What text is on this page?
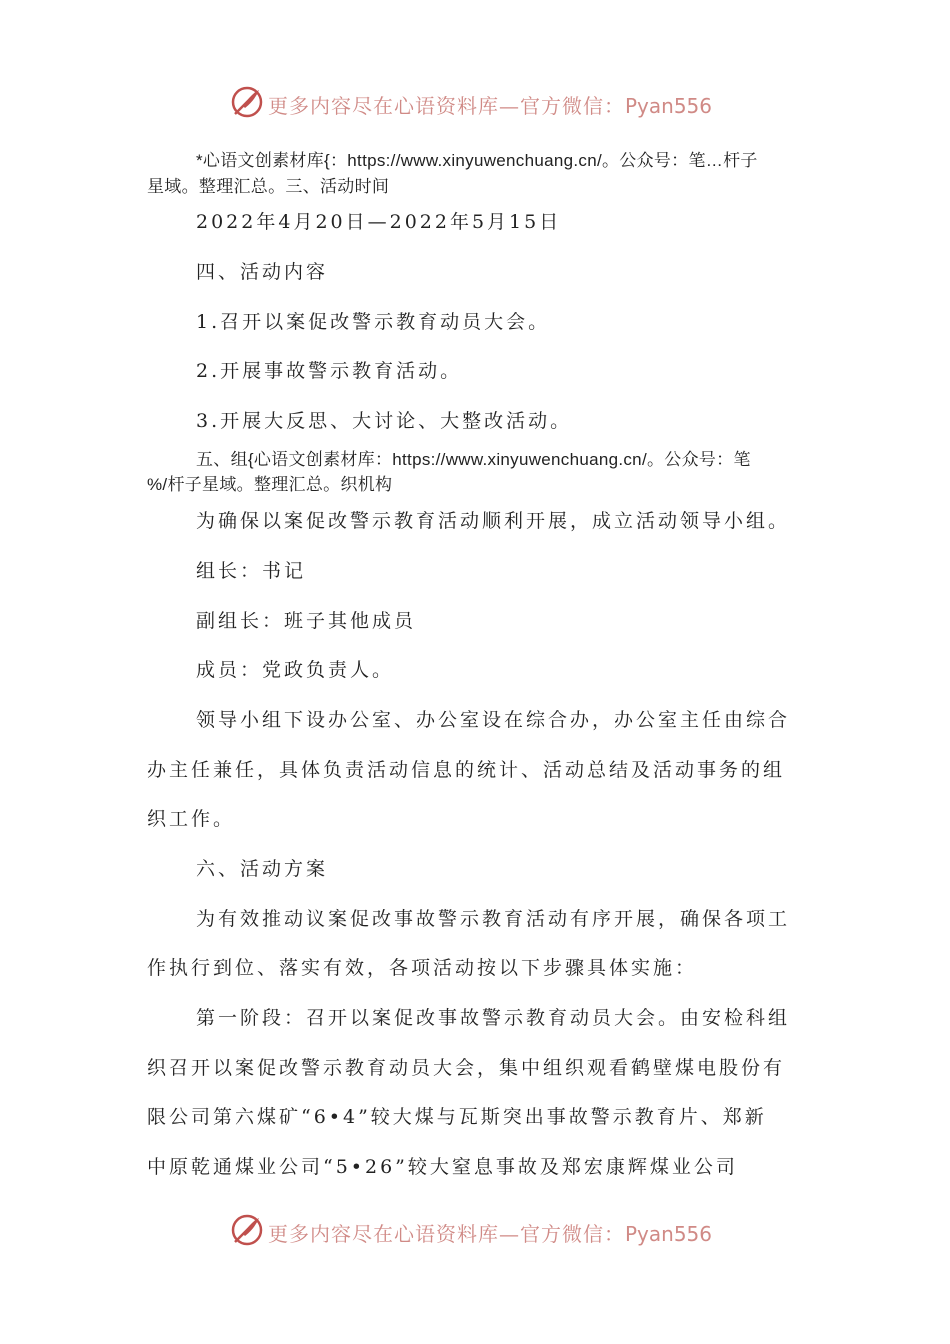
更多内容尽在心语资料库—官方微信：Pyan556
*心语文创素材库{：https://www.xinyuwenchuang.cn/。公众号：笔…杆子
星域。整理汇总。三、活动时间
2022年4月20日—2022年5月15日
四、活动内容
1.召开以案促改警示教育动员大会。
2.开展事故警示教育活动。
3.开展大反思、大讨论、大整改活动。
五、组{心语文创素材库：https://www.xinyuwenchuang.cn/。公众号：笔
%/杆子星域。整理汇总。织机构
为确保以案促改警示教育活动顺利开展，成立活动领导小组。
组长：书记
副组长：班子其他成员
成员：党政负责人。
领导小组下设办公室、办公室设在综合办，办公室主任由综合
办主任兼任，具体负责活动信息的统计、活动总结及活动事务的组
织工作。
六、活动方案
为有效推动议案促改事故警示教育活动有序开展，确保各项工
作执行到位、落实有效，各项活动按以下步骤具体实施：
第一阶段：召开以案促改事故警示教育动员大会。由安检科组
织召开以案促改警示教育动员大会，集中组织观看鹤壁煤电股份有
限公司第六煤矿“6•4”较大煤与瓦斯突出事故警示教育片、郑新
中原乾通煤业公司“5•26”较大窒息事故及郑宏康辉煤业公司
更多内容尽在心语资料库—官方微信：Pyan556
